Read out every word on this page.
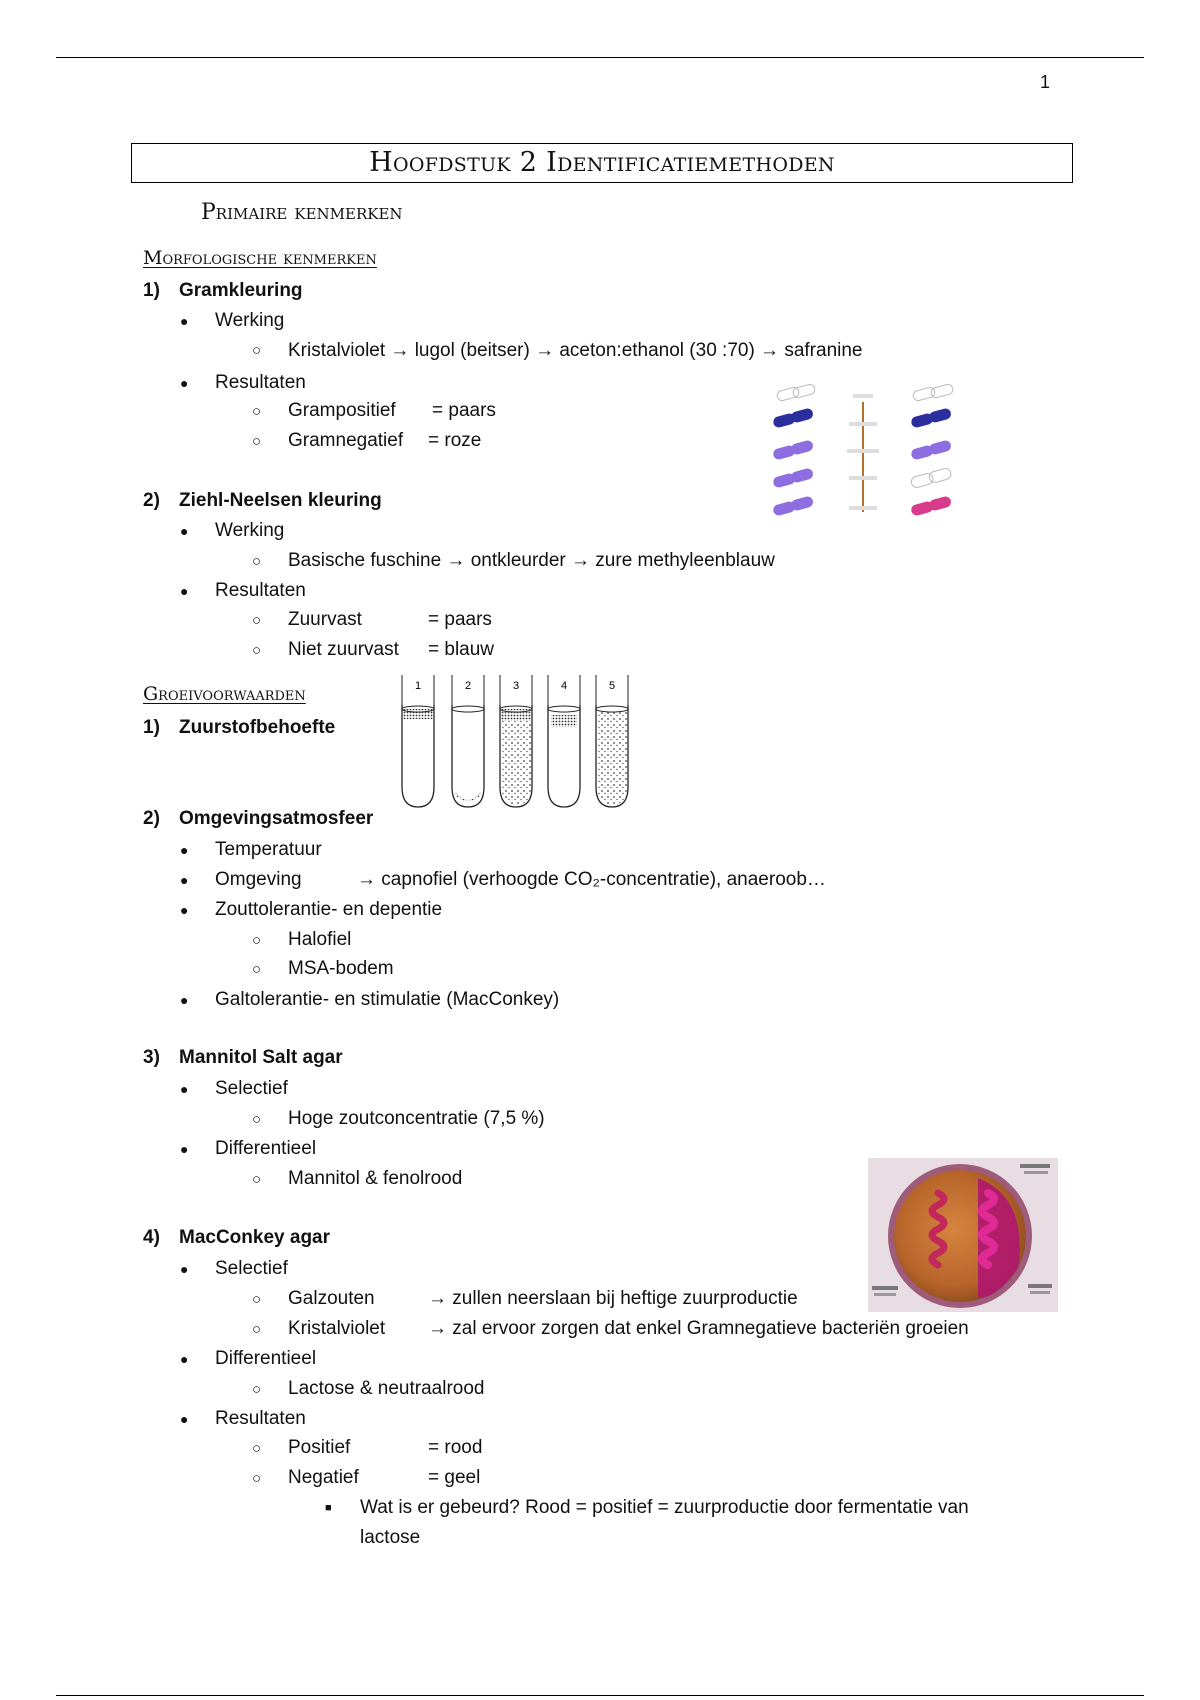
1
Hoofdstuk 2 Identificatiemethoden
Primaire kenmerken
Morfologische kenmerken
1) Gramkleuring
● Werking
○ Kristalviolet → lugol (beitser) → aceton:ethanol (30 :70) → safranine
● Resultaten
○ Grampositief = paars
○ Gramnegatief = roze
2) Ziehl-Neelsen kleuring
● Werking
○ Basische fuschine → ontkleurder → zure methyleenblauw
● Resultaten
○ Zuurvast	= paars
○ Niet zuurvast = blauw
Groeivoorwaarden
1) Zuurstofbehoefte
1	2	3	4	5
2) Omgevingsatmosfeer
● Temperatuur
● Omgeving	→ capnofiel (verhoogde CO₂-concentratie), anaeroob…
● Zouttolerantie- en depentie
○ Halofiel
○ MSA-bodem
● Galtolerantie- en stimulatie (MacConkey)
3) Mannitol Salt agar
● Selectief
○ Hoge zoutconcentratie (7,5 %)
● Differentieel
○ Mannitol & fenolrood
4) MacConkey agar
● Selectief
○ Galzouten	→ zullen neerslaan bij heftige zuurproductie
○ Kristalviolet → zal ervoor zorgen dat enkel Gramnegatieve bacteriën groeien
● Differentieel
○ Lactose & neutraalrood
● Resultaten
○ Positief	= rood
○ Negatief	= geel
■ Wat is er gebeurd? Rood = positief = zuurproductie door fermentatie van
lactose
